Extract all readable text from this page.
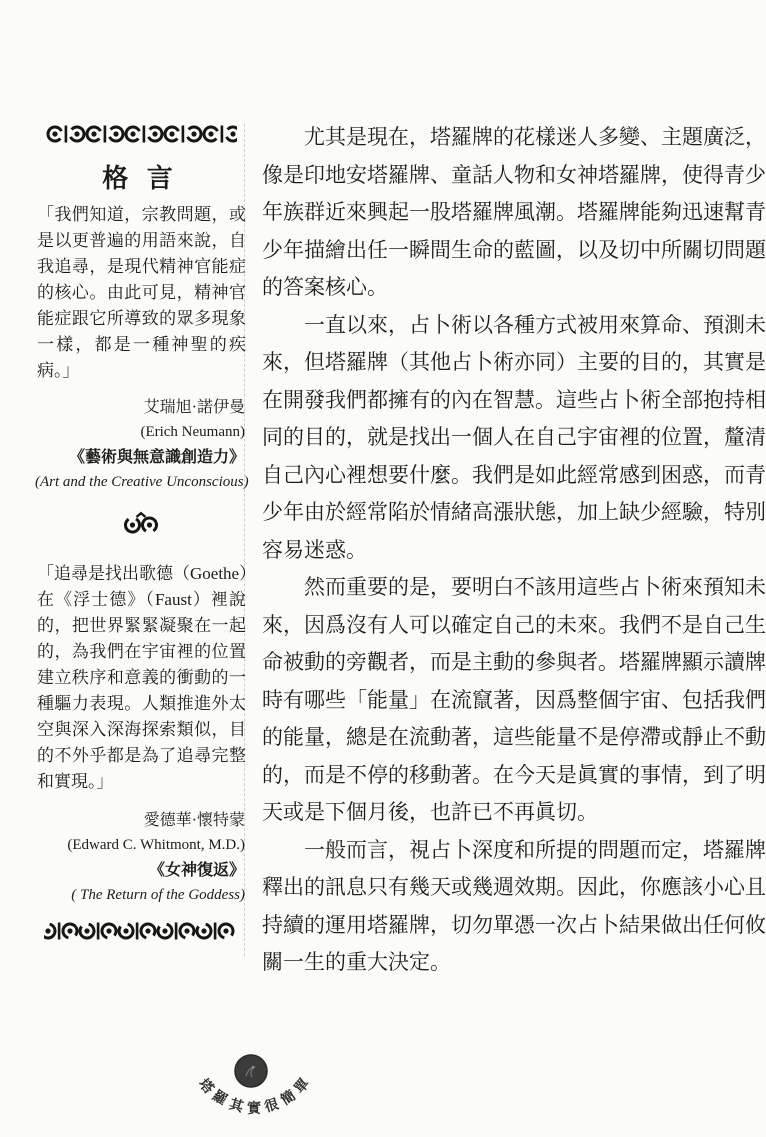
格 言
「我們知道，宗教問題，或
是以更普遍的用語來說，自
我追尋，是現代精神官能症
的核心。由此可見，精神官
能症跟它所導致的眾多現象
一樣，都是一種神聖的疾
病。」
艾瑞旭·諾伊曼
(Erich Neumann)
《藝術與無意識創造力》
(Art and the Creative Unconscious)
「追尋是找出歌德（Goethe）
在《浮士德》（Faust）裡說
的，把世界緊緊凝聚在一起
的，為我們在宇宙裡的位置
建立秩序和意義的衝動的一
種驅力表現。人類推進外太
空與深入深海探索類似，目
的不外乎都是為了追尋完整
和實現。」
愛德華·懷特蒙
(Edward C. Whitmont, M.D.)
《女神復返》
( The Return of the Goddess)
尤其是現在，塔羅牌的花樣迷人多變、主題廣泛，
像是印地安塔羅牌、童話人物和女神塔羅牌，使得青少
年族群近來興起一股塔羅牌風潮。塔羅牌能夠迅速幫青
少年描繪出任一瞬間生命的藍圖，以及切中所關切問題
的答案核心。
一直以來，占卜術以各種方式被用來算命、預測未
來，但塔羅牌（其他占卜術亦同）主要的目的，其實是
在開發我們都擁有的內在智慧。這些占卜術全部抱持相
同的目的，就是找出一個人在自己宇宙裡的位置，釐清
自己內心裡想要什麼。我們是如此經常感到困惑，而青
少年由於經常陷於情緒高漲狀態，加上缺少經驗，特別
容易迷惑。
然而重要的是，要明白不該用這些占卜術來預知未
來，因爲沒有人可以確定自己的未來。我們不是自己生
命被動的旁觀者，而是主動的參與者。塔羅牌顯示讀牌
時有哪些「能量」在流竄著，因爲整個宇宙、包括我們
的能量，總是在流動著，這些能量不是停滯或靜止不動
的，而是不停的移動著。在今天是眞實的事情，到了明
天或是下個月後，也許已不再眞切。
一般而言，視占卜深度和所提的問題而定，塔羅牌
釋出的訊息只有幾天或幾週效期。因此，你應該小心且
持續的運用塔羅牌，切勿單憑一次占卜結果做出任何攸
關一生的重大決定。
塔
羅
其 實 很
簡
單
